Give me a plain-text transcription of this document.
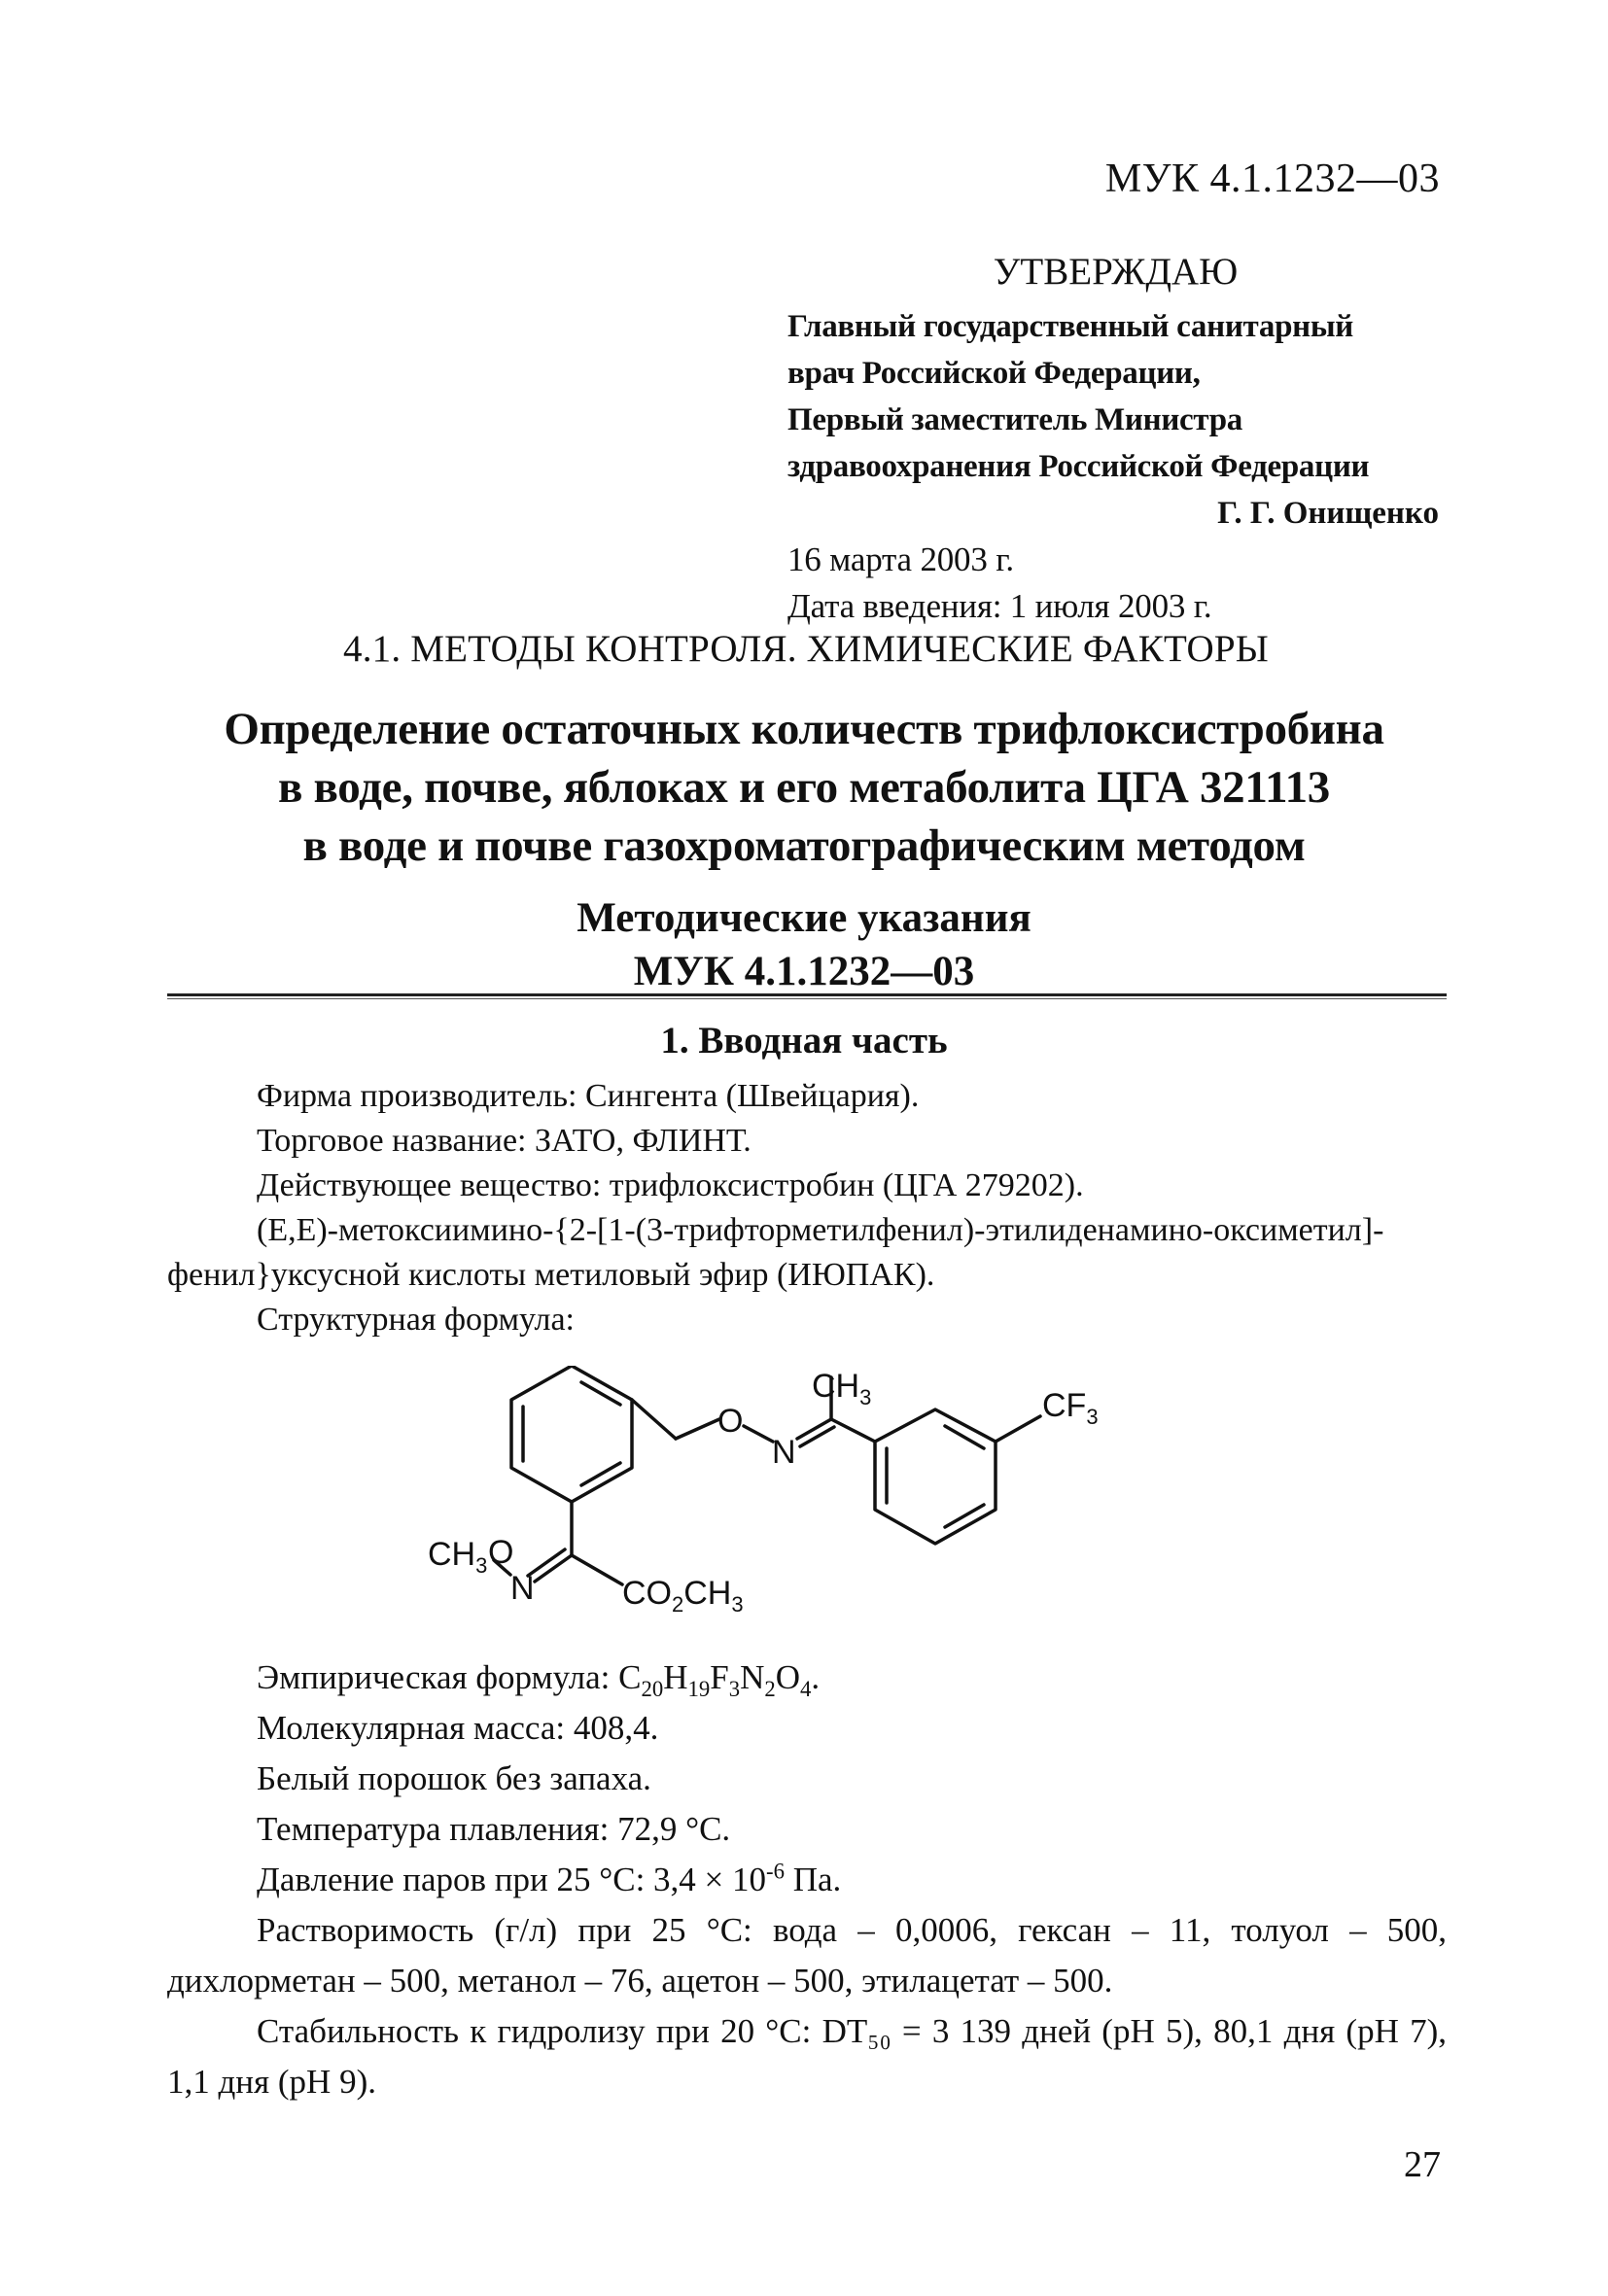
МУК 4.1.1232—03
УТВЕРЖДАЮ
Главный государственный санитарный
врач Российской Федерации,
Первый заместитель Министра
здравоохранения Российской Федерации
Г. Г. Онищенко
16 марта 2003 г.
Дата введения: 1 июля 2003 г.
4.1. МЕТОДЫ КОНТРОЛЯ. ХИМИЧЕСКИЕ ФАКТОРЫ
Определение остаточных количеств трифлоксистробина
в воде, почве, яблоках и его метаболита ЦГА 321113
в воде и почве газохроматографическим методом
Методические указания
МУК 4.1.1232—03
1. Вводная часть
Фирма производитель: Сингента (Швейцария).
Торговое название: ЗАТО, ФЛИНТ.
Действующее вещество: трифлоксистробин (ЦГА 279202).
(Е,Е)-метоксиимино-{2-[1-(3-трифторметилфенил)-этилиденамино-оксиметил]-фенил}уксусной кислоты метиловый эфир (ИЮПАК).
Структурная формула:
$CH_3$
O
N
$CF_3$
$CH_3$ O
N	$CO_2CH_3$
Эмпирическая формула: $C_{20}H_{19}F_3N_2O_4$.
Молекулярная масса: 408,4.
Белый порошок без запаха.
Температура плавления: 72,9 °С.
Давление паров при 25 °С: $3,4 \times 10^{-6}$ Па.
Растворимость (г/л) при 25 °С: вода – 0,0006, гексан – 11, толуол – 500, дихлорметан – 500, метанол – 76, ацетон – 500, этилацетат – 500.
Стабильность к гидролизу при 20 °С: DT₅₀ = 3 139 дней (pH 5), 80,1 дня (pH 7), 1,1 дня (pH 9).
27
